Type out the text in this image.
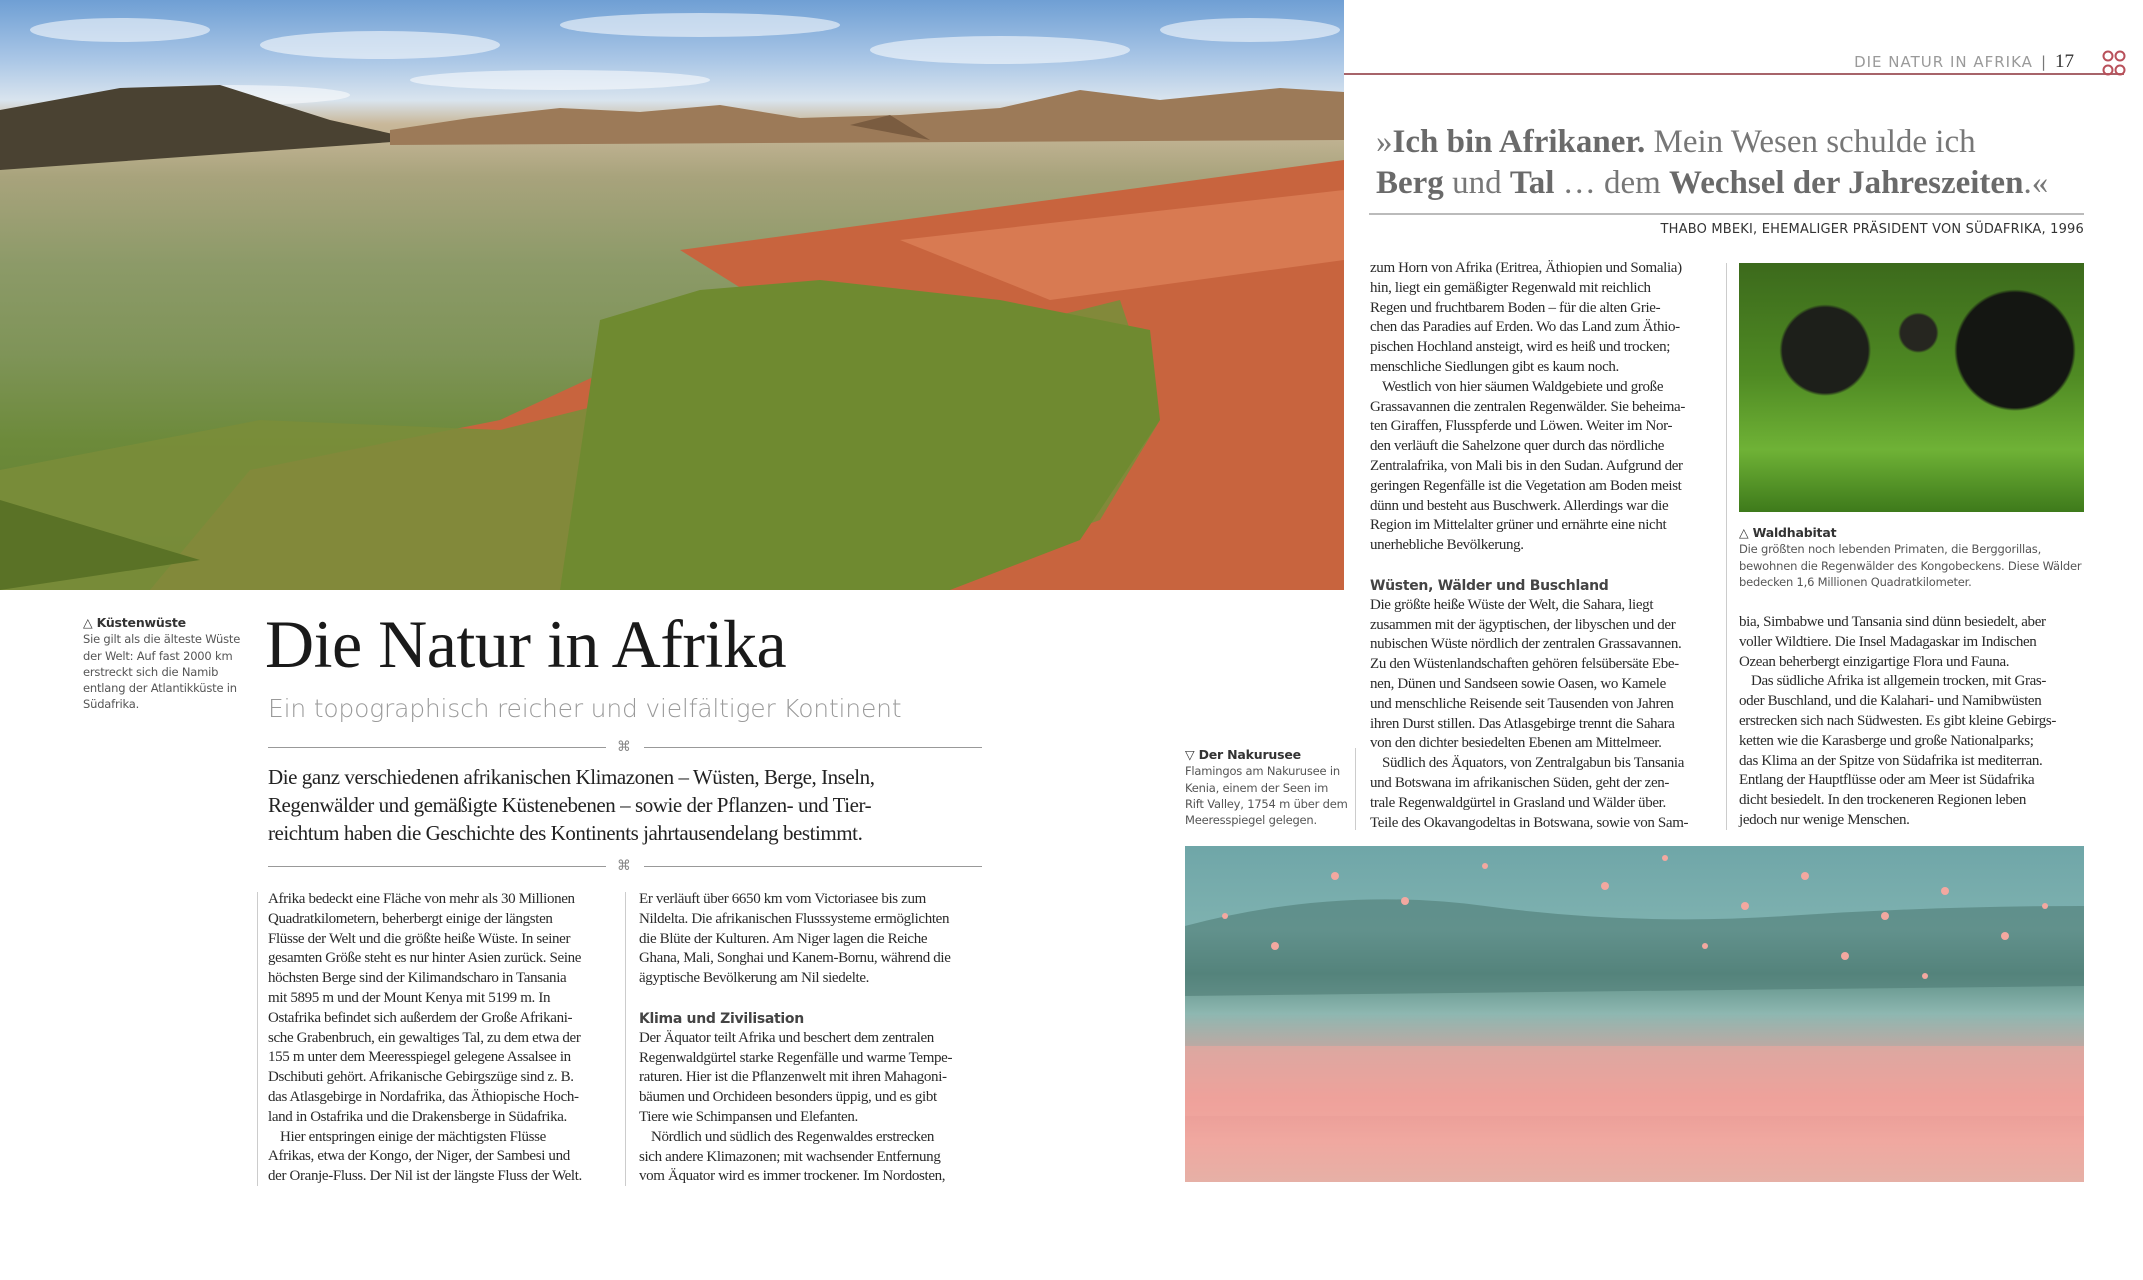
DIE NATUR IN AFRIKA | 17
»Ich bin Afrikaner. Mein Wesen schulde ich
Berg und Tal … dem Wechsel der Jahreszeiten.«
THABO MBEKI, EHEMALIGER PRÄSIDENT VON SÜDAFRIKA, 1996
Die Natur in Afrika
Ein topographisch reicher und vielfältiger Kontinent
⌘
Die ganz verschiedenen afrikanischen Klimazonen – Wüsten, Berge, Inseln,
Regenwälder und gemäßigte Küstenebenen – sowie der Pflanzen- und Tier-
reichtum haben die Geschichte des Kontinents jahrtausendelang bestimmt.
⌘
△ Küstenwüste
Sie gilt als die älteste Wüste
der Welt: Auf fast 2000 km
erstreckt sich die Namib
entlang der Atlantikküste in
Südafrika.
△ Waldhabitat
Die größten noch lebenden Primaten, die Berggorillas,
bewohnen die Regenwälder des Kongobeckens. Diese Wälder
bedecken 1,6 Millionen Quadratkilometer.
▽ Der Nakurusee
Flamingos am Nakurusee in
Kenia, einem der Seen im
Rift Valley, 1754 m über dem
Meeresspiegel gelegen.
Afrika bedeckt eine Fläche von mehr als 30 Millionen
Quadratkilometern, beherbergt einige der längsten
Flüsse der Welt und die größte heiße Wüste. In seiner
gesamten Größe steht es nur hinter Asien zurück. Seine
höchsten Berge sind der Kilimandscharo in Tansania
mit 5895 m und der Mount Kenya mit 5199 m. In
Ostafrika befindet sich außerdem der Große Afrikani-
sche Grabenbruch, ein gewaltiges Tal, zu dem etwa der
155 m unter dem Meeresspiegel gelegene Assalsee in
Dschibuti gehört. Afrikanische Gebirgszüge sind z. B.
das Atlasgebirge in Nordafrika, das Äthiopische Hoch-
land in Ostafrika und die Drakensberge in Südafrika.
Hier entspringen einige der mächtigsten Flüsse
Afrikas, etwa der Kongo, der Niger, der Sambesi und
der Oranje-Fluss. Der Nil ist der längste Fluss der Welt.
Er verläuft über 6650 km vom Victoriasee bis zum
Nildelta. Die afrikanischen Flusssysteme ermöglichten
die Blüte der Kulturen. Am Niger lagen die Reiche
Ghana, Mali, Songhai und Kanem-Bornu, während die
ägyptische Bevölkerung am Nil siedelte.
Klima und Zivilisation
Der Äquator teilt Afrika und beschert dem zentralen
Regenwaldgürtel starke Regenfälle und warme Tempe-
raturen. Hier ist die Pflanzenwelt mit ihren Mahagoni-
bäumen und Orchideen besonders üppig, und es gibt
Tiere wie Schimpansen und Elefanten.
Nördlich und südlich des Regenwaldes erstrecken
sich andere Klimazonen; mit wachsender Entfernung
vom Äquator wird es immer trockener. Im Nordosten,
zum Horn von Afrika (Eritrea, Äthiopien und Somalia)
hin, liegt ein gemäßigter Regenwald mit reichlich
Regen und fruchtbarem Boden – für die alten Grie-
chen das Paradies auf Erden. Wo das Land zum Äthio-
pischen Hochland ansteigt, wird es heiß und trocken;
menschliche Siedlungen gibt es kaum noch.
Westlich von hier säumen Waldgebiete und große
Grassavannen die zentralen Regenwälder. Sie beheima-
ten Giraffen, Flusspferde und Löwen. Weiter im Nor-
den verläuft die Sahelzone quer durch das nördliche
Zentralafrika, von Mali bis in den Sudan. Aufgrund der
geringen Regenfälle ist die Vegetation am Boden meist
dünn und besteht aus Buschwerk. Allerdings war die
Region im Mittelalter grüner und ernährte eine nicht
unerhebliche Bevölkerung.
Wüsten, Wälder und Buschland
Die größte heiße Wüste der Welt, die Sahara, liegt
zusammen mit der ägyptischen, der libyschen und der
nubischen Wüste nördlich der zentralen Grassavannen.
Zu den Wüstenlandschaften gehören felsübersäte Ebe-
nen, Dünen und Sandseen sowie Oasen, wo Kamele
und menschliche Reisende seit Tausenden von Jahren
ihren Durst stillen. Das Atlasgebirge trennt die Sahara
von den dichter besiedelten Ebenen am Mittelmeer.
Südlich des Äquators, von Zentralgabun bis Tansania
und Botswana im afrikanischen Süden, geht der zen-
trale Regenwaldgürtel in Grasland und Wälder über.
Teile des Okavangodeltas in Botswana, sowie von Sam-
bia, Simbabwe und Tansania sind dünn besiedelt, aber
voller Wildtiere. Die Insel Madagaskar im Indischen
Ozean beherbergt einzigartige Flora und Fauna.
Das südliche Afrika ist allgemein trocken, mit Gras-
oder Buschland, und die Kalahari- und Namibwüsten
erstrecken sich nach Südwesten. Es gibt kleine Gebirgs-
ketten wie die Karasberge und große Nationalparks;
das Klima an der Spitze von Südafrika ist mediterran.
Entlang der Hauptflüsse oder am Meer ist Südafrika
dicht besiedelt. In den trockeneren Regionen leben
jedoch nur wenige Menschen.
